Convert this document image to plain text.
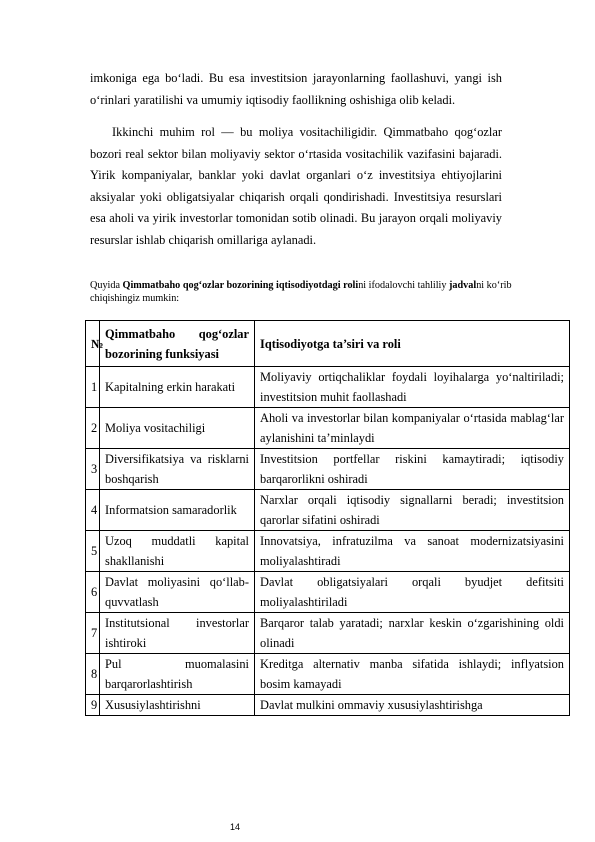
imkoniga ega bo‘ladi. Bu esa investitsion jarayonlarning faollashuvi, yangi ish o‘rinlari yaratilishi va umumiy iqtisodiy faollikning oshishiga olib keladi.

Ikkinchi muhim rol — bu moliya vositachiligidir. Qimmatbaho qog‘ozlar bozori real sektor bilan moliyaviy sektor o‘rtasida vositachilik vazifasini bajaradi. Yirik kompaniyalar, banklar yoki davlat organlari o‘z investitsiya ehtiyojlarini aksiyalar yoki obligatsiyalar chiqarish orqali qondirishadi. Investitsiya resurslari esa aholi va yirik investorlar tomonidan sotib olinadi. Bu jarayon orqali moliyaviy resurslar ishlab chiqarish omillariga aylanadi.

Quyida Qimmatbaho qog‘ozlar bozorining iqtisodiyotdagi rolini ifodalovchi tahliliy jadvalni ko‘rib chiqishingiz mumkin:

№	Qimmatbaho qog‘ozlar bozorining funksiyasi	Iqtisodiyotga ta’siri va roli
1	Kapitalning erkin harakati	Moliyaviy ortiqchaliklar foydali loyihalarga yo‘naltiriladi; investitsion muhit faollashadi
2	Moliya vositachiligi	Aholi va investorlar bilan kompaniyalar o‘rtasida mablag‘lar aylanishini ta’minlaydi
3	Diversifikatsiya va risklarni boshqarish	Investitsion portfellar riskini kamaytiradi; iqtisodiy barqarorlikni oshiradi
4	Informatsion samaradorlik	Narxlar orqali iqtisodiy signallarni beradi; investitsion qarorlar sifatini oshiradi
5	Uzoq muddatli kapital shakllanishi	Innovatsiya, infratuzilma va sanoat modernizatsiyasini moliyalashtiradi
6	Davlat moliyasini qo‘llab-quvvatlash	Davlat obligatsiyalari orqali byudjet defitsiti moliyalashtiriladi
7	Institutsional investorlar ishtiroki	Barqaror talab yaratadi; narxlar keskin o‘zgarishining oldi olinadi
8	Pul muomalasini barqarorlashtirish	Kreditga alternativ manba sifatida ishlaydi; inflyatsion bosim kamayadi
9	Xususiylashtirishni	Davlat mulkini ommaviy xususiylashtirishga
14
